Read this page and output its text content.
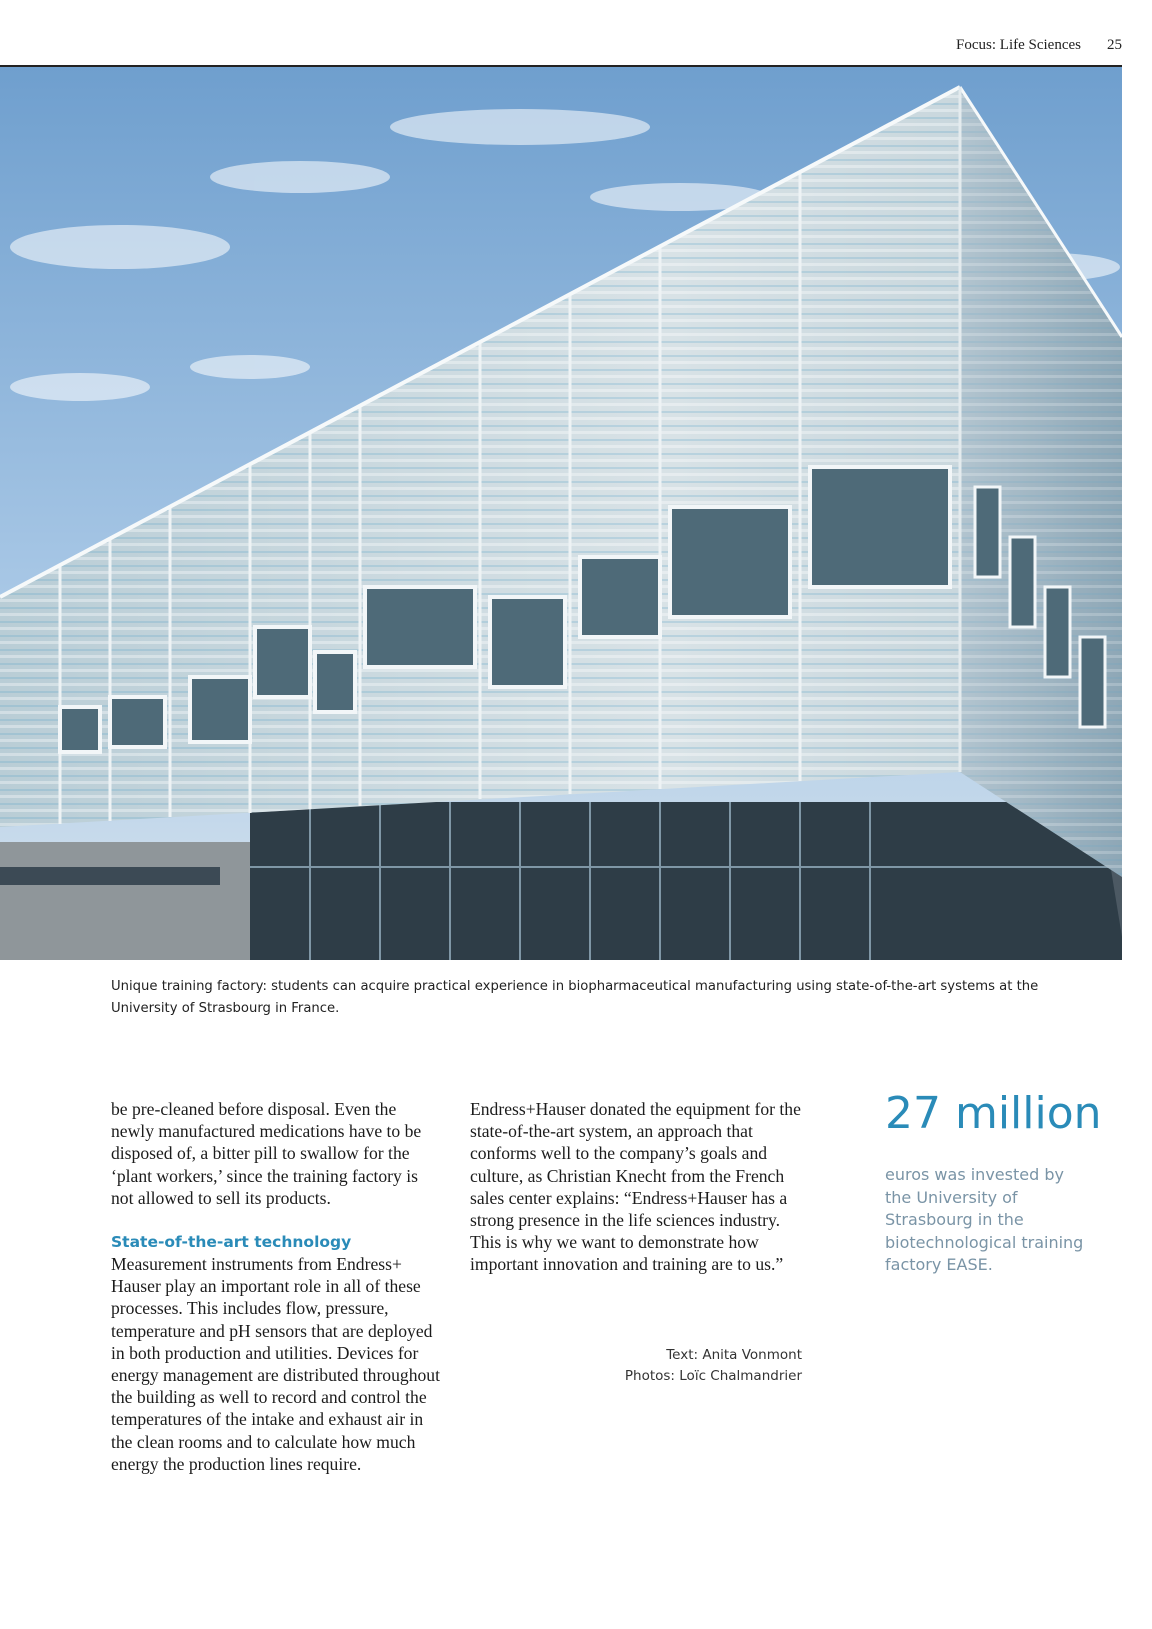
Focus: Life Sciences 25
Unique training factory: students can acquire practical experience in biopharmaceutical manufacturing using state-of-the-art systems at the University of Strasbourg in France.

be pre-cleaned before disposal. Even the newly manufactured medications have to be disposed of, a bitter pill to swallow for the ‘plant workers,’ since the training factory is not allowed to sell its products.

State-of-the-art technology

Measurement instruments from Endress+ Hauser play an important role in all of these processes. This includes flow, pressure, temperature and pH sensors that are deployed in both production and utilities. Devices for energy management are distributed throughout the building as well to record and control the temperatures of the intake and exhaust air in the clean rooms and to calculate how much energy the production lines require.

Endress+Hauser donated the equipment for the state-of-the-art system, an approach that conforms well to the company’s goals and culture, as Christian Knecht from the French sales center explains: “Endress+Hauser has a strong presence in the life sciences industry. This is why we want to demonstrate how important innovation and training are to us.”

Text: Anita Vonmont
Photos: Loïc Chalmandrier
27 million
euros was invested by the University of Strasbourg in the biotechnological training factory EASE.
